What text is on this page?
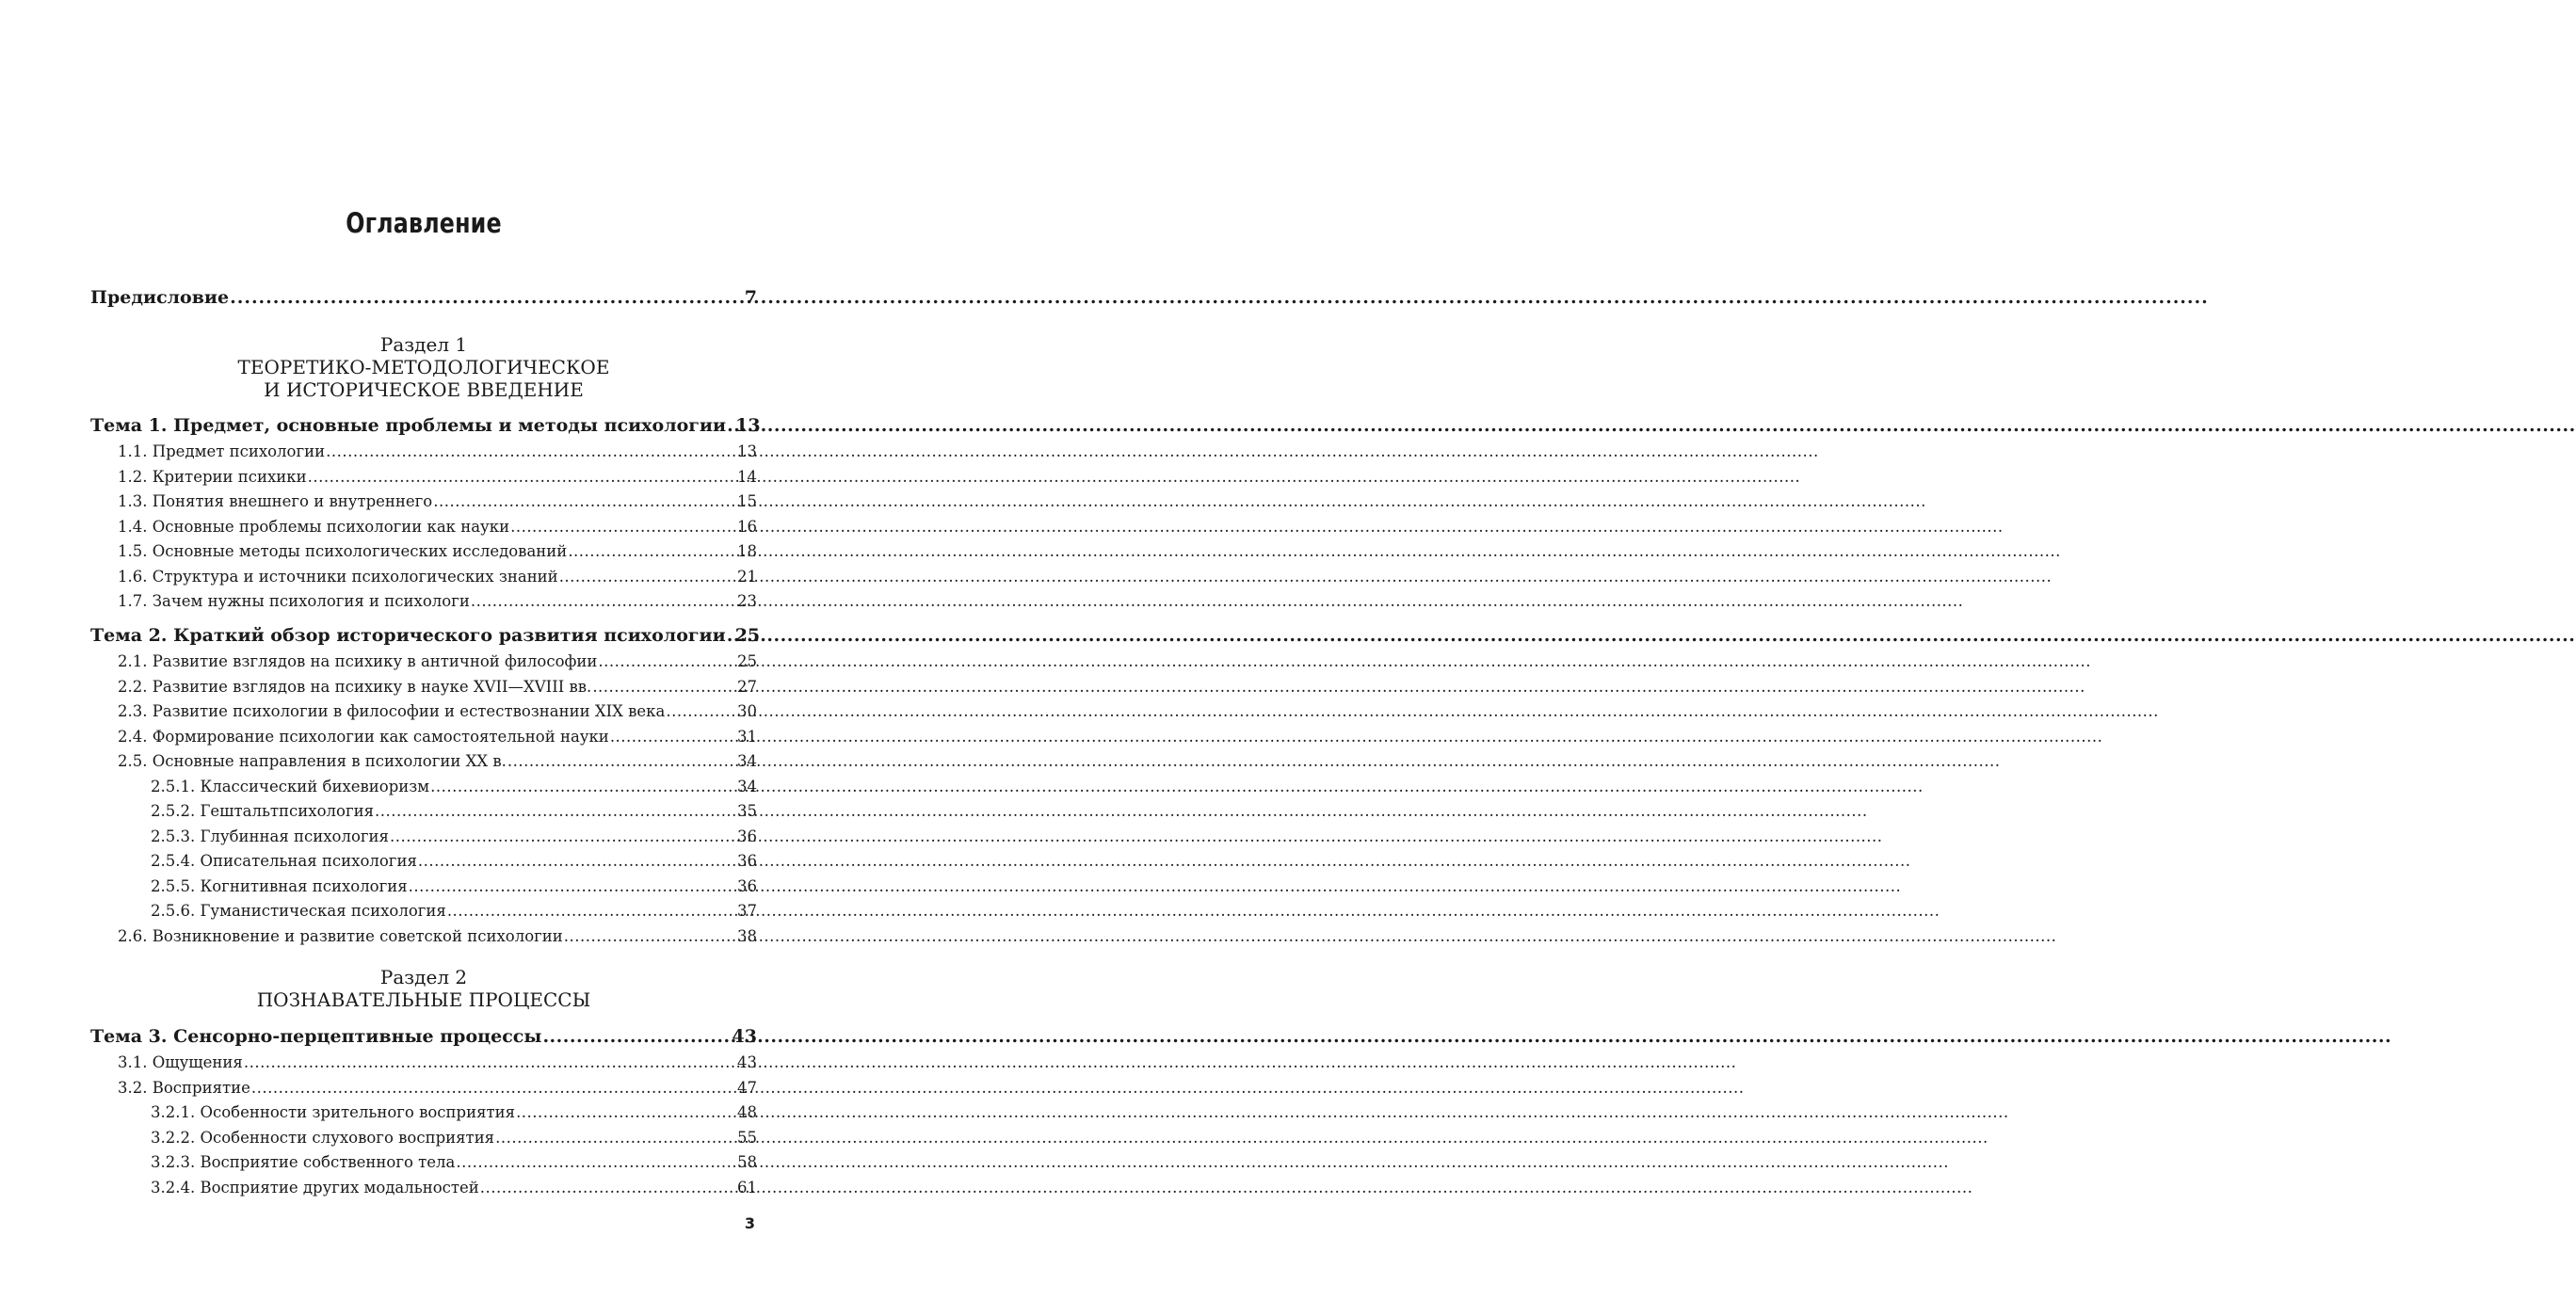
Оглавление
Предисловие .....	7
Раздел 1
ТЕОРЕТИКО-МЕТОДОЛОГИЧЕСКОЕ
И ИСТОРИЧЕСКОЕ ВВЕДЕНИЕ
Тема 1. Предмет, основные проблемы и методы психологии ..... 13
1.1. Предмет психологии .....	13
1.2. Критерии психики .....	14
1.3. Понятия внешнего и внутреннего .....	15
1.4. Основные проблемы психологии как науки .....	16
1.5. Основные методы психологических исследований .....	18
1.6. Структура и источники психологических знаний .....	21
1.7. Зачем нужны психология и психологи .....	23
Тема 2. Краткий обзор исторического развития психологии ..... 25
2.1. Развитие взглядов на психику в античной философии .....	25
2.2. Развитие взглядов на психику в науке XVII—XVIII вв. .....	27
2.3. Развитие психологии в философии и естествознании XIX века .....	30
2.4. Формирование психологии как самостоятельной науки .....	31
2.5. Основные направления в психологии XX в. .....	34
2.5.1. Классический бихевиоризм .....	34
2.5.2. Гештальтпсихология .....	35
2.5.3. Глубинная психология .....	36
2.5.4. Описательная психология .....	36
2.5.5. Когнитивная психология .....	36
2.5.6. Гуманистическая психология .....	37
2.6. Возникновение и развитие советской психологии .....	38
Раздел 2
ПОЗНАВАТЕЛЬНЫЕ ПРОЦЕССЫ
Тема 3. Сенсорно-перцептивные процессы .....	43
3.1. Ощущения .....	43
3.2. Восприятие .....	47
3.2.1. Особенности зрительного восприятия .....	48
3.2.2. Особенности слухового восприятия .....	55
3.2.3. Восприятие собственного тела .....	58
3.2.4. Восприятие других модальностей .....	61
3
